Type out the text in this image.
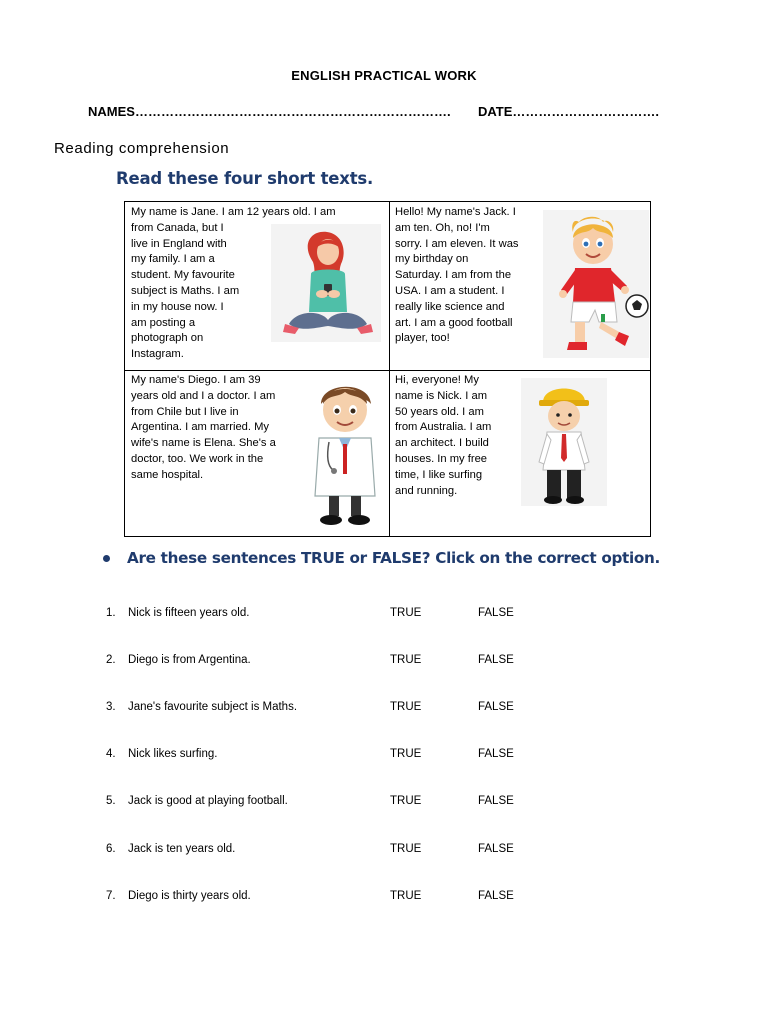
ENGLISH PRACTICAL WORK
NAMES………………………………………………………………. DATE…………………………….
Reading comprehension
Read these four short texts.
My name is Jane. I am 12 years old. I am
from Canada, but I
live in England with
my family. I am a
student. My favourite
subject is Maths. I am
in my house now. I
am posting a
photograph on
Instagram.
Hello! My name's Jack. I
am ten. Oh, no! I'm
sorry. I am eleven. It was
my birthday on
Saturday. I am from the
USA. I am a student. I
really like science and
art. I am a good football
player, too!
My name's Diego. I am 39
years old and I a doctor. I am
from Chile but I live in
Argentina. I am married. My
wife's name is Elena. She's a
doctor, too. We work in the
same hospital.
Hi, everyone! My
name is Nick. I am
50 years old. I am
from Australia. I am
an architect. I build
houses. In my free
time, I like surfing
and running.
Are these sentences TRUE or FALSE? Click on the correct option.
1. Nick is fifteen years old.	TRUE	FALSE
2. Diego is from Argentina.	TRUE	FALSE
3. Jane's favourite subject is Maths.	TRUE	FALSE
4. Nick likes surfing.	TRUE	FALSE
5. Jack is good at playing football.	TRUE	FALSE
6. Jack is ten years old.	TRUE	FALSE
7. Diego is thirty years old.	TRUE	FALSE
